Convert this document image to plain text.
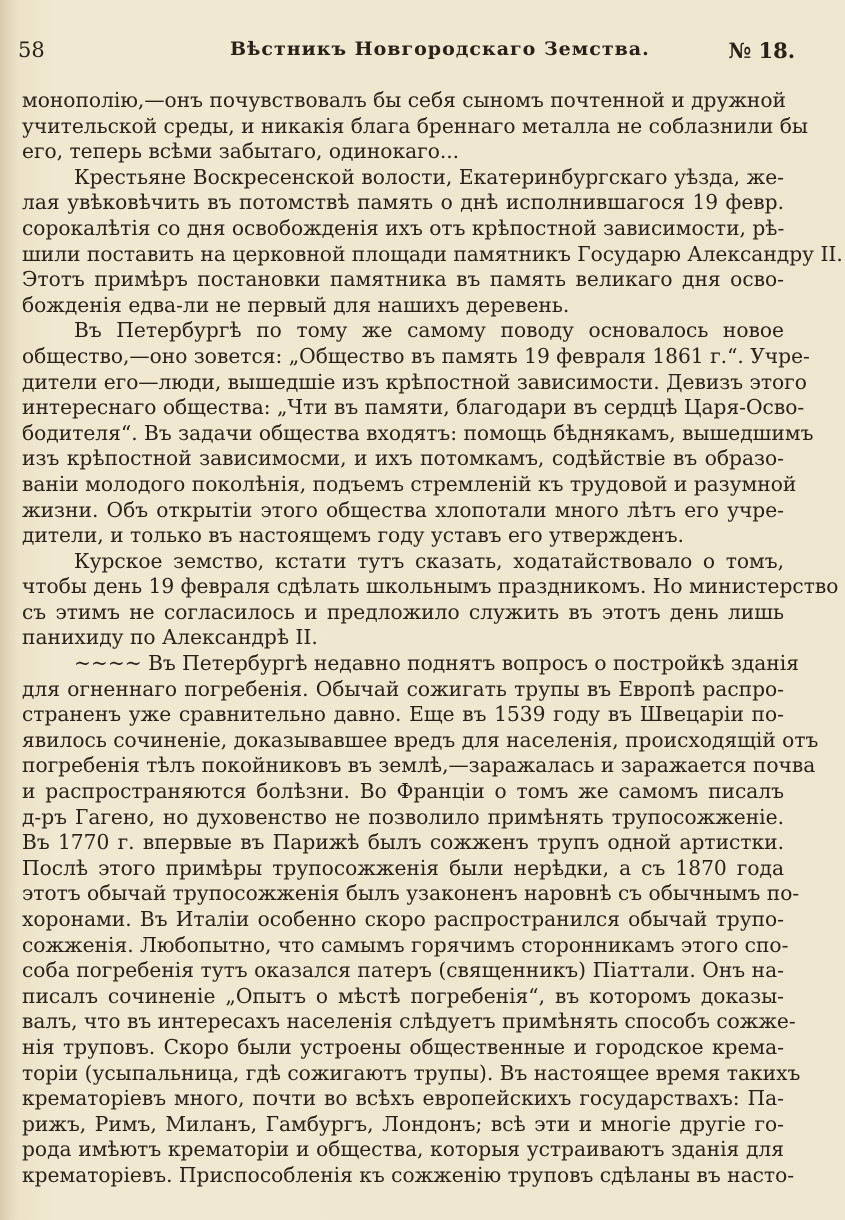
58	Вѣстникъ Новгородскаго Земства.	№ 18.
монополію,—онъ почувствовалъ бы себя сыномъ почтенной и дружной
учительской среды, и никакія блага бреннаго металла не соблазнили бы
его, теперь всѣми забытаго, одинокаго...
Крестьяне Воскресенской волости, Екатеринбургскаго уѣзда, же-
лая увѣковѣчить въ потомствѣ память о днѣ исполнившагося 19 февр.
сорокалѣтія со дня освобожденія ихъ отъ крѣпостной зависимости, рѣ-
шили поставить на церковной площади памятникъ Государю Александру II.
Этотъ примѣръ постановки памятника въ память великаго дня осво-
божденія едва-ли не первый для нашихъ деревень.
Въ Петербургѣ по тому же самому поводу основалось новое
общество,—оно зовется: „Общество въ память 19 февраля 1861 г.“. Учре-
дители его—люди, вышедшіе изъ крѣпостной зависимости. Девизъ этого
интереснаго общества: „Чти въ памяти, благодари въ сердцѣ Царя-Осво-
бодителя“. Въ задачи общества входятъ: помощь бѣднякамъ, вышедшимъ
изъ крѣпостной зависимосми, и ихъ потомкамъ, содѣйствіе въ образо-
ваніи молодого поколѣнія, подъемъ стремленій къ трудовой и разумной
жизни. Объ открытіи этого общества хлопотали много лѣтъ его учре-
дители, и только въ настоящемъ году уставъ его утвержденъ.
Курское земство, кстати тутъ сказать, ходатайствовало о томъ,
чтобы день 19 февраля сдѣлать школьнымъ праздникомъ. Но министерство
съ этимъ не согласилось и предложило служить въ этотъ день лишь
панихиду по Александрѣ II.
~~~~ Въ Петербургѣ недавно поднятъ вопросъ о постройкѣ зданія
для огненнаго погребенія. Обычай сожигать трупы въ Европѣ распро-
страненъ уже сравнительно давно. Еще въ 1539 году въ Швецаріи по-
явилось сочиненіе, доказывавшее вредъ для населенія, происходящій отъ
погребенія тѣлъ покойниковъ въ землѣ,—заражалась и заражается почва
и распространяются болѣзни. Во Франціи о томъ же самомъ писалъ
д-ръ Гагено, но духовенство не позволило примѣнять трупосожженіе.
Въ 1770 г. впервые въ Парижѣ былъ сожженъ трупъ одной артистки.
Послѣ этого примѣры трупосожженія были нерѣдки, а съ 1870 года
этотъ обычай трупосожженія былъ узаконенъ наровнѣ съ обычнымъ по-
хоронами. Въ Италіи особенно скоро распространился обычай трупо-
сожженія. Любопытно, что самымъ горячимъ сторонникамъ этого спо-
соба погребенія тутъ оказался патеръ (священникъ) Піаттали. Онъ на-
писалъ сочиненіе „Опытъ о мѣстѣ погребенія“, въ которомъ доказы-
валъ, что въ интересахъ населенія слѣдуетъ примѣнять способъ сожже-
нія труповъ. Скоро были устроены общественные и городское крема-
торіи (усыпальница, гдѣ сожигаютъ трупы). Въ настоящее время такихъ
крематоріевъ много, почти во всѣхъ европейскихъ государствахъ: Па-
рижъ, Римъ, Миланъ, Гамбургъ, Лондонъ; всѣ эти и многіе другіе го-
рода имѣютъ крематоріи и общества, которыя устраиваютъ зданія для
крематоріевъ. Приспособленія къ сожженію труповъ сдѣланы въ насто-
